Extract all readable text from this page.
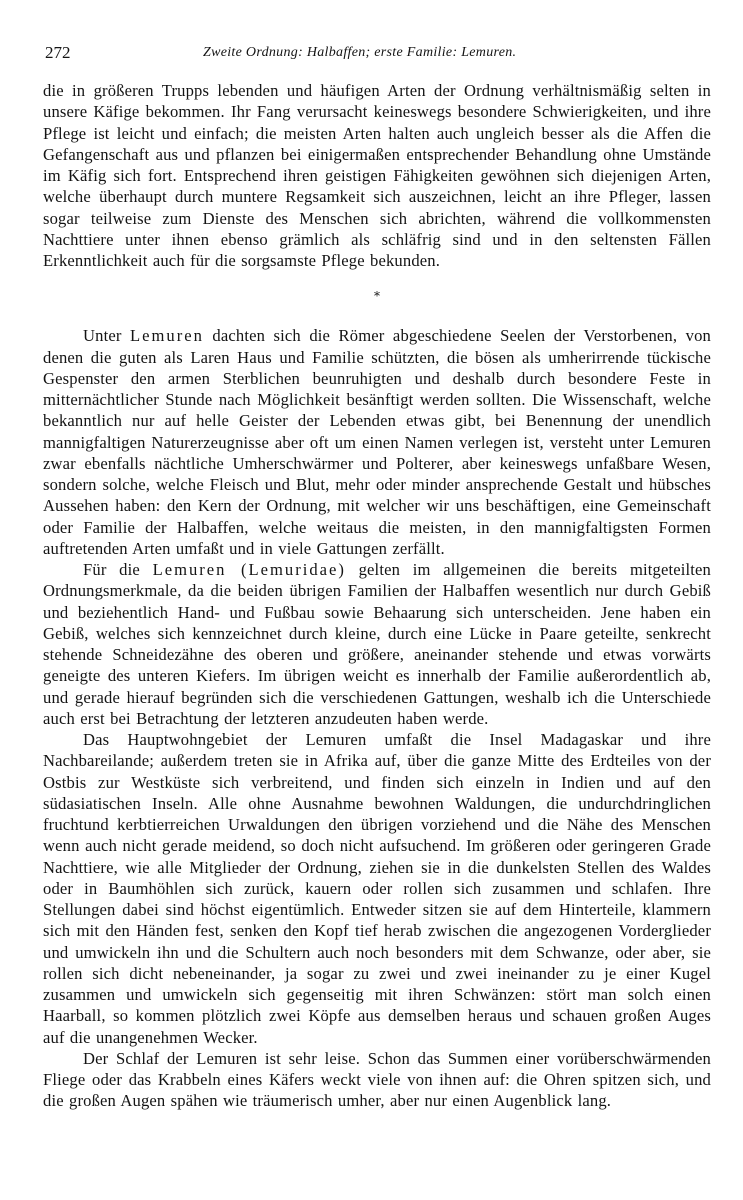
272	Zweite Ordnung: Halbaffen; erste Familie: Lemuren.

die in größeren Trupps lebenden und häufigen Arten der Ordnung verhältnismäßig selten in unsere Käfige bekommen. Ihr Fang verursacht keineswegs besondere Schwierigkeiten, und ihre Pflege ist leicht und einfach; die meisten Arten halten auch ungleich besser als die Affen die Gefangenschaft aus und pflanzen bei einigermaßen entsprechender Behandlung ohne Umstände im Käfig sich fort. Entsprechend ihren geistigen Fähigkeiten gewöhnen sich diejenigen Arten, welche überhaupt durch muntere Regsamkeit sich auszeichnen, leicht an ihre Pfleger, lassen sogar teilweise zum Dienste des Menschen sich abrichten, während die vollkommensten Nachttiere unter ihnen ebenso grämlich als schläfrig sind und in den seltensten Fällen Erkenntlichkeit auch für die sorgsamste Pflege bekunden.

*

Unter Lemuren dachten sich die Römer abgeschiedene Seelen der Verstorbenen, von denen die guten als Laren Haus und Familie schützten, die bösen als umherirrende tückische Gespenster den armen Sterblichen beunruhigten und deshalb durch besondere Feste in mitternächtlicher Stunde nach Möglichkeit besänftigt werden sollten. Die Wissenschaft, welche bekanntlich nur auf helle Geister der Lebenden etwas gibt, bei Benennung der unendlich mannigfaltigen Naturerzeugnisse aber oft um einen Namen verlegen ist, versteht unter Lemuren zwar ebenfalls nächtliche Umherschwärmer und Polterer, aber keineswegs unfaßbare Wesen, sondern solche, welche Fleisch und Blut, mehr oder minder ansprechende Gestalt und hübsches Aussehen haben: den Kern der Ordnung, mit welcher wir uns beschäftigen, eine Gemeinschaft oder Familie der Halbaffen, welche weitaus die meisten, in den mannigfaltigsten Formen auftretenden Arten umfaßt und in viele Gattungen zerfällt.

Für die Lemuren (Lemuridae) gelten im allgemeinen die bereits mitgeteilten Ordnungsmerkmale, da die beiden übrigen Familien der Halbaffen wesentlich nur durch Gebiß und beziehentlich Hand- und Fußbau sowie Behaarung sich unterscheiden. Jene haben ein Gebiß, welches sich kennzeichnet durch kleine, durch eine Lücke in Paare geteilte, senkrecht stehende Schneidezähne des oberen und größere, aneinander stehende und etwas vorwärts geneigte des unteren Kiefers. Im übrigen weicht es innerhalb der Familie außerordentlich ab, und gerade hierauf begründen sich die verschiedenen Gattungen, weshalb ich die Unterschiede auch erst bei Betrachtung der letzteren anzudeuten haben werde.

Das Hauptwohngebiet der Lemuren umfaßt die Insel Madagaskar und ihre Nachbareilande; außerdem treten sie in Afrika auf, über die ganze Mitte des Erdteiles von der Ostbis zur Westküste sich verbreitend, und finden sich einzeln in Indien und auf den südasiatischen Inseln. Alle ohne Ausnahme bewohnen Waldungen, die undurchdringlichen fruchtund kerbtierreichen Urwaldungen den übrigen vorziehend und die Nähe des Menschen wenn auch nicht gerade meidend, so doch nicht aufsuchend. Im größeren oder geringeren Grade Nachttiere, wie alle Mitglieder der Ordnung, ziehen sie in die dunkelsten Stellen des Waldes oder in Baumhöhlen sich zurück, kauern oder rollen sich zusammen und schlafen. Ihre Stellungen dabei sind höchst eigentümlich. Entweder sitzen sie auf dem Hinterteile, klammern sich mit den Händen fest, senken den Kopf tief herab zwischen die angezogenen Vorderglieder und umwickeln ihn und die Schultern auch noch besonders mit dem Schwanze, oder aber, sie rollen sich dicht nebeneinander, ja sogar zu zwei und zwei ineinander zu je einer Kugel zusammen und umwickeln sich gegenseitig mit ihren Schwänzen: stört man solch einen Haarball, so kommen plötzlich zwei Köpfe aus demselben heraus und schauen großen Auges auf die unangenehmen Wecker.

Der Schlaf der Lemuren ist sehr leise. Schon das Summen einer vorüberschwärmenden Fliege oder das Krabbeln eines Käfers weckt viele von ihnen auf: die Ohren spitzen sich, und die großen Augen spähen wie träumerisch umher, aber nur einen Augenblick lang.
